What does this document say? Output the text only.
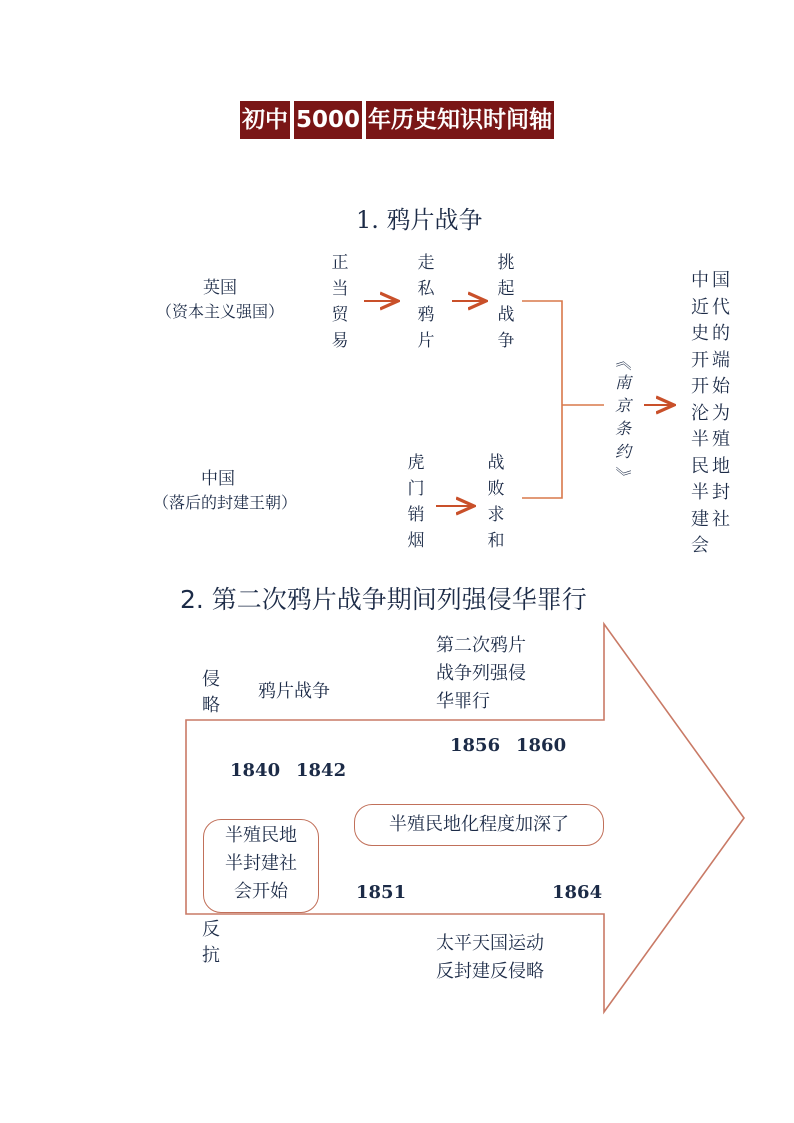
初中 5000 年历史知识时间轴
1. 鸦片战争
英国
（资本主义强国）
中国
（落后的封建王朝）
正
当
贸
易
走
私
鸦
片
挑
起
战
争
虎
门
销
烟
战
败
求
和
《
南
京
条
约
》
中
近
史
开
开
沦
半
民
半
建
会
国
代
的
端
始
为
殖
地
封
社
2. 第二次鸦片战争期间列强侵华罪行
侵
略
鸦片战争
第二次鸦片
战争列强侵
华罪行
1856 1860
1840 1842
1851	1864
半殖民地
半封建社
会开始
半殖民地化程度加深了
反
抗
太平天国运动
反封建反侵略
